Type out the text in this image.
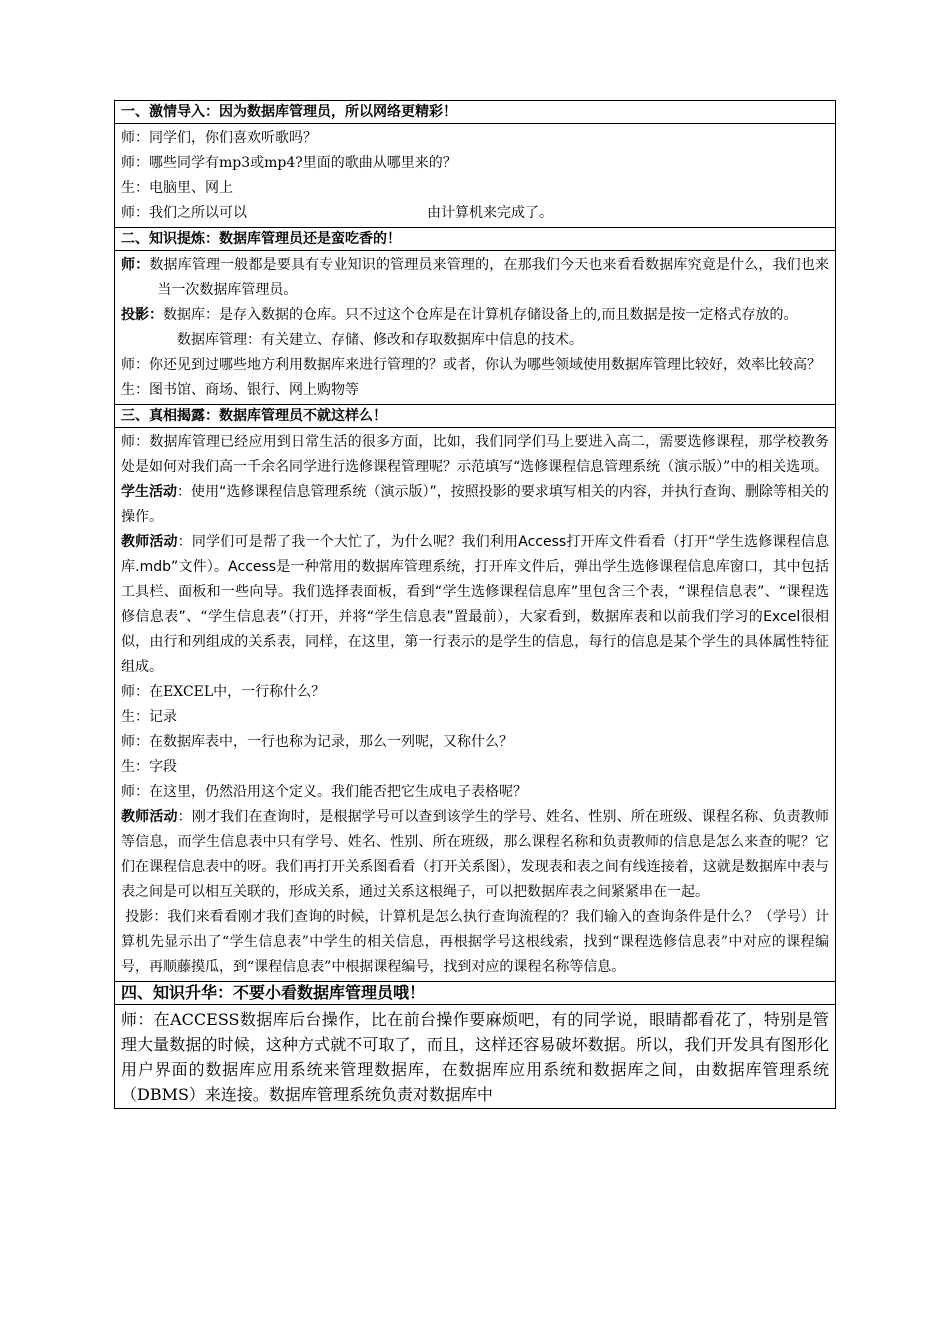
一、激情导入：因为数据库管理员，所以网络更精彩！

师：同学们，你们喜欢听歌吗？
师：哪些同学有mp3或mp4?里面的歌曲从哪里来的？
生：电脑里、网上
师：我们之所以可以	由计算机来完成了。

二、知识提炼：数据库管理员还是蛮吃香的！

师：数据库管理一般都是要具有专业知识的管理员来管理的，在那我们今天也来看看数据库究竟是什么，我们也来当一次数据库管理员。
投影：数据库：是存入数据的仓库。只不过这个仓库是在计算机存储设备上的,而且数据是按一定格式存放的。
数据库管理：有关建立、存储、修改和存取数据库中信息的技术。
师：你还见到过哪些地方利用数据库来进行管理的？或者，你认为哪些领域使用数据库管理比较好，效率比较高？
生：图书馆、商场、银行、网上购物等

三、真相揭露：数据库管理员不就这样么！

师：数据库管理已经应用到日常生活的很多方面，比如，我们同学们马上要进入高二，需要选修课程，那学校教务处是如何对我们高一千余名同学进行选修课程管理呢？示范填写“选修课程信息管理系统（演示版）”中的相关选项。
学生活动：使用“选修课程信息管理系统（演示版）”，按照投影的要求填写相关的内容，并执行查询、删除等相关的操作。
教师活动：同学们可是帮了我一个大忙了，为什么呢？我们利用Access打开库文件看看（打开“学生选修课程信息库.mdb”文件）。Access是一种常用的数据库管理系统，打开库文件后，弹出学生选修课程信息库窗口，其中包括工具栏、面板和一些向导。我们选择表面板，看到“学生选修课程信息库”里包含三个表，“课程信息表”、“课程选修信息表”、“学生信息表”（打开，并将“学生信息表”置最前），大家看到，数据库表和以前我们学习的Excel很相似，由行和列组成的关系表，同样，在这里，第一行表示的是学生的信息，每行的信息是某个学生的具体属性特征组成。
师：在EXCEL中，一行称什么？
生：记录
师：在数据库表中，一行也称为记录，那么一列呢，又称什么？
生：字段
师：在这里，仍然沿用这个定义。我们能否把它生成电子表格呢？
教师活动：刚才我们在查询时，是根据学号可以查到该学生的学号、姓名、性别、所在班级、课程名称、负责教师等信息，而学生信息表中只有学号、姓名、性别、所在班级，那么课程名称和负责教师的信息是怎么来查的呢？它们在课程信息表中的呀。我们再打开关系图看看（打开关系图），发现表和表之间有线连接着，这就是数据库中表与表之间是可以相互关联的，形成关系，通过关系这根绳子，可以把数据库表之间紧紧串在一起。
投影：我们来看看刚才我们查询的时候，计算机是怎么执行查询流程的？我们输入的查询条件是什么？（学号）计算机先显示出了“学生信息表”中学生的相关信息，再根据学号这根线索，找到“课程选修信息表”中对应的课程编号，再顺藤摸瓜，到“课程信息表”中根据课程编号，找到对应的课程名称等信息。

四、知识升华：不要小看数据库管理员哦！

师：在ACCESS数据库后台操作，比在前台操作要麻烦吧，有的同学说，眼睛都看花了，特别是管理大量数据的时候，这种方式就不可取了，而且，这样还容易破坏数据。所以，我们开发具有图形化用户界面的数据库应用系统来管理数据库，在数据库应用系统和数据库之间，由数据库管理系统（DBMS）来连接。数据库管理系统负责对数据库中
